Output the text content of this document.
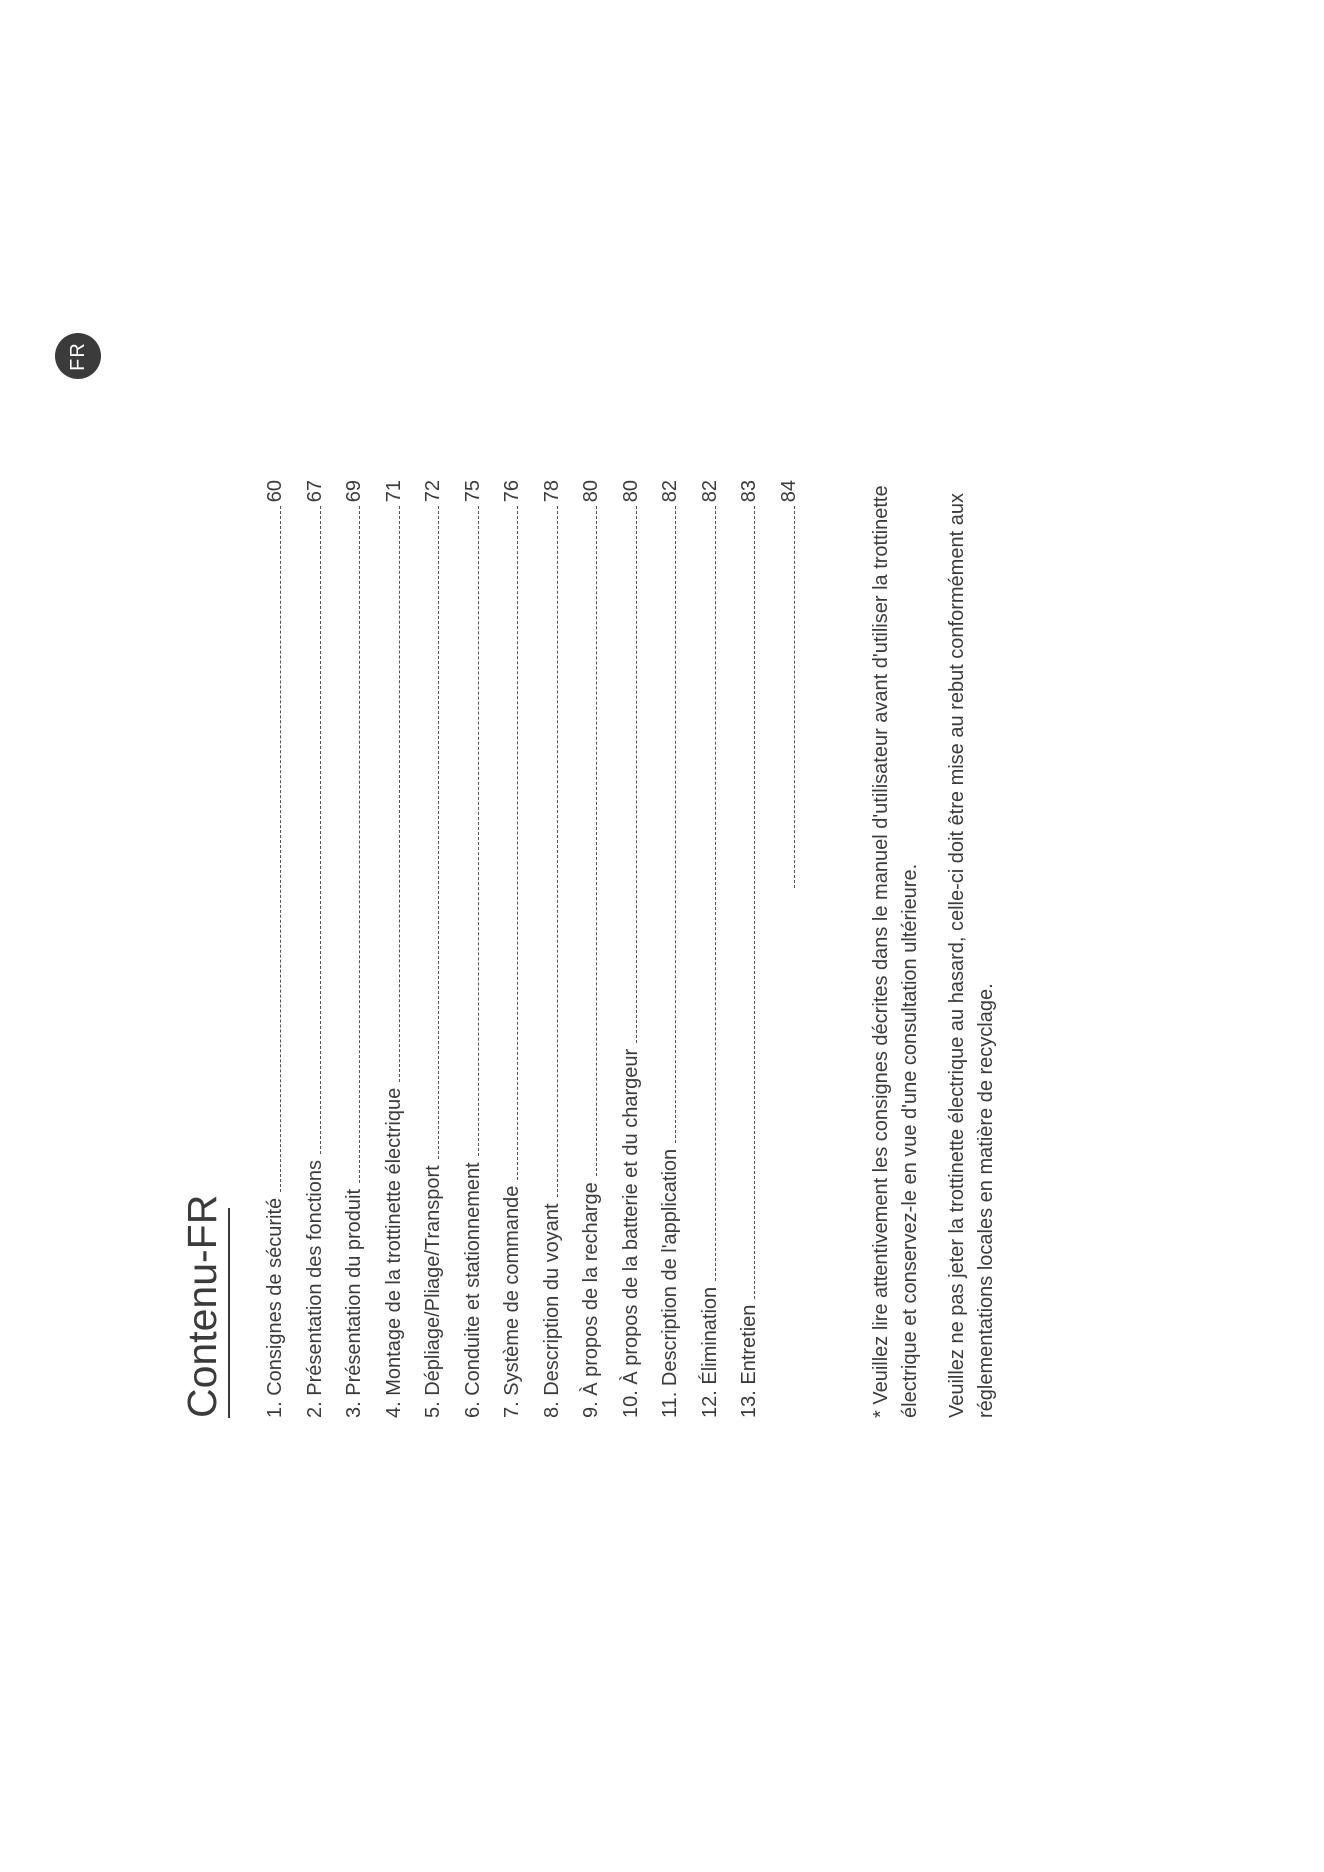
FR
Contenu-FR	1. Consignes de sécurité
60
2. Présentation des fonctions
67
3. Présentation du produit
69
4. Montage de la trottinette électrique
71
5. Dépliage/Pliage/Transport
72
6. Conduite et stationnement
75
7. Système de commande
76
8. Description du voyant
78
9. À propos de la recharge
80
10. À propos de la batterie et du chargeur
80
11. Description de l'application
82
12. Élimination
82
13. Entretien
83 84	* Veuillez lire attentivement les consignes décrites dans le manuel d'utilisateur avant d'utiliser la trottinette électrique et conservez-le en vue d'une consultation ultérieure. Veuillez ne pas jeter la trottinette électrique au hasard, celle-ci doit être mise au rebut conformément aux réglementations locales en matière de recyclage.
